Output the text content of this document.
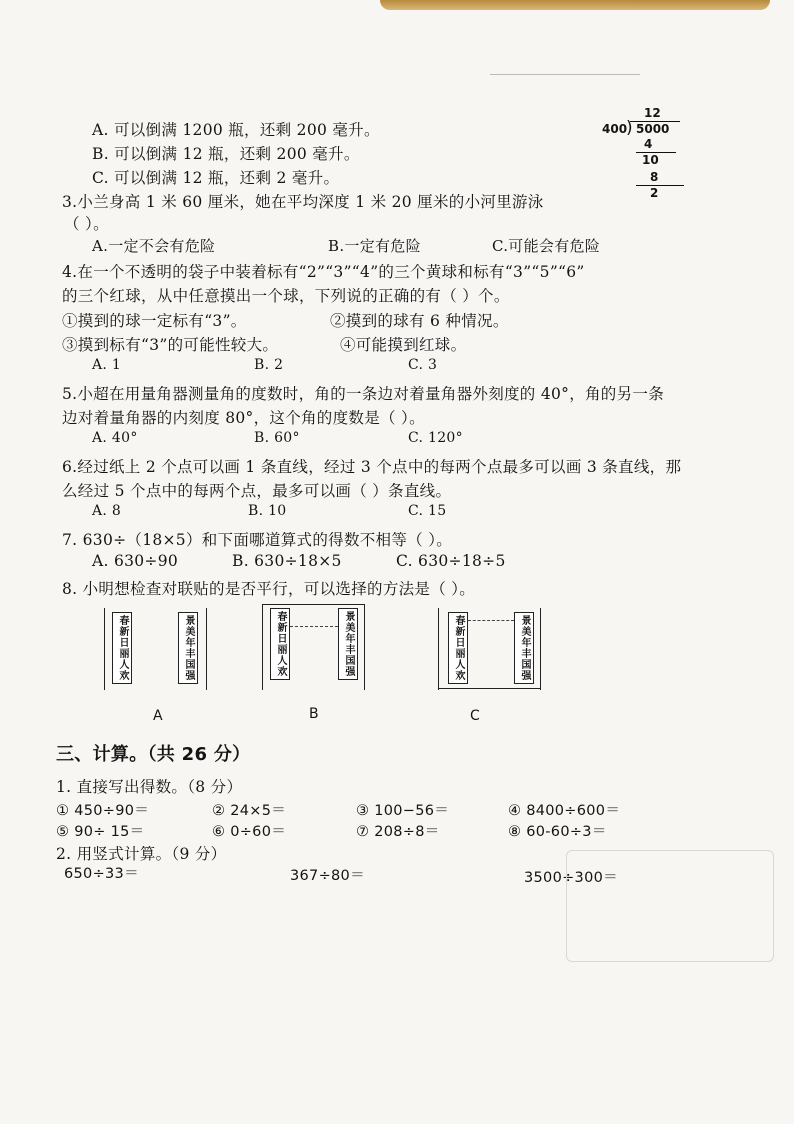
A. 可以倒满 1200 瓶，还剩 200 毫升。
B. 可以倒满 12 瓶，还剩 200 毫升。
C. 可以倒满 12 瓶，还剩 2 毫升。
12
400
) 5000
4
10
8
2
3.小兰身高 1 米 60 厘米，她在平均深度 1 米 20 厘米的小河里游泳
（ ）。
A.一定不会有危险	B.一定有危险	C.可能会有危险
4.在一个不透明的袋子中装着标有“2”“3”“4”的三个黄球和标有“3”“5”“6”
的三个红球，从中任意摸出一个球，下列说的正确的有（ ）个。
①摸到的球一定标有“3”。	②摸到的球有 6 种情况。
③摸到标有“3”的可能性较大。	④可能摸到红球。
A. 1	B. 2	C. 3
5.小超在用量角器测量角的度数时，角的一条边对着量角器外刻度的 40°，角的另一条
边对着量角器的内刻度 80°，这个角的度数是（ ）。
A. 40°	B. 60°	C. 120°
6.经过纸上 2 个点可以画 1 条直线，经过 3 个点中的每两个点最多可以画 3 条直线，那
么经过 5 个点中的每两个点，最多可以画（ ）条直线。
A. 8	B. 10	C. 15
7. 630÷（18×5）和下面哪道算式的得数不相等（ ）。
A. 630÷90	B. 630÷18×5	C. 630÷18÷5
8. 小明想检查对联贴的是否平行，可以选择的方法是（ ）。
春新日丽人欢	景美年丰国强
A
春新日丽人欢	景美年丰国强
B
春新日丽人欢	景美年丰国强
C
三、计算。（共 26 分）
1. 直接写出得数。（8 分）
① 450÷90＝	② 24×5＝	③ 100−56＝	④ 8400÷600＝
⑤ 90÷ 15＝	⑥ 0÷60＝	⑦ 208÷8＝	⑧ 60-60÷3＝
2. 用竖式计算。（9 分）
650÷33＝	367÷80＝	3500÷300＝
